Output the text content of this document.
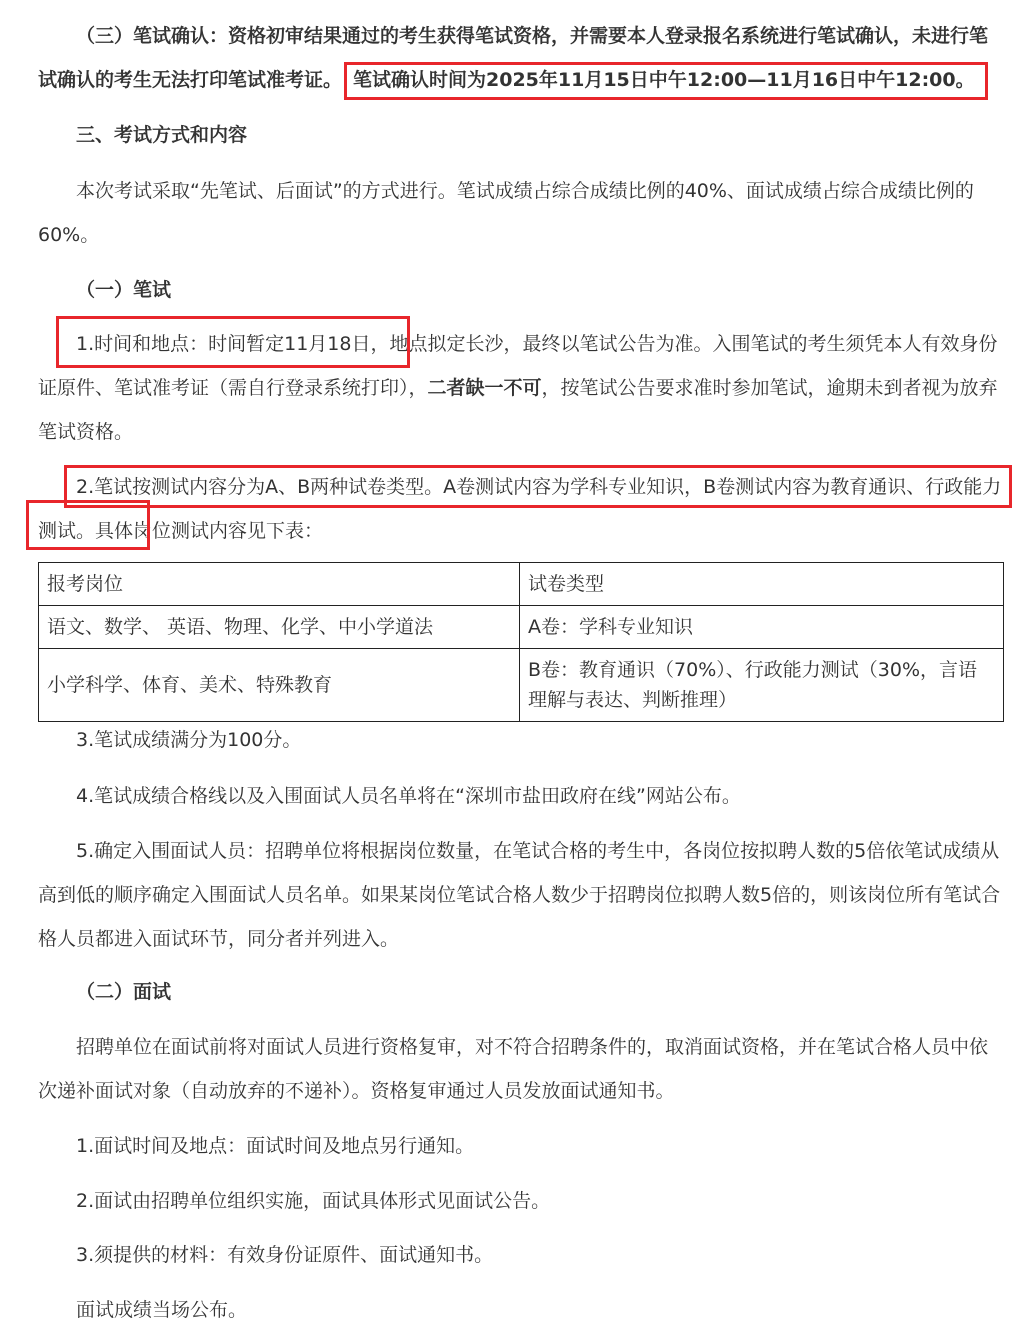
（三）笔试确认：资格初审结果通过的考生获得笔试资格，并需要本人登录报名系统进行笔试确认，未进行笔试确认的考生无法打印笔试准考证。 笔试确认时间为2025年11月15日中午12:00—11月16日中午12:00。

三、考试方式和内容

本次考试采取“先笔试、后面试”的方式进行。笔试成绩占综合成绩比例的40%、面试成绩占综合成绩比例的60%。

（一）笔试

1.时间和地点：时间暂定11月18日，地点拟定长沙，最终以笔试公告为准。入围笔试的考生须凭本人有效身份证原件、笔试准考证（需自行登录系统打印），二者缺一不可，按笔试公告要求准时参加笔试，逾期未到者视为放弃笔试资格。

2.笔试按测试内容分为A、B两种试卷类型。A卷测试内容为学科专业知识，B卷测试内容为教育通识、行政能力测试。具体岗位测试内容见下表：

3.笔试成绩满分为100分。

4.笔试成绩合格线以及入围面试人员名单将在“深圳市盐田政府在线”网站公布。

5.确定入围面试人员：招聘单位将根据岗位数量，在笔试合格的考生中，各岗位按拟聘人数的5倍依笔试成绩从高到低的顺序确定入围面试人员名单。如果某岗位笔试合格人数少于招聘岗位拟聘人数5倍的，则该岗位所有笔试合格人员都进入面试环节，同分者并列进入。

（二）面试

招聘单位在面试前将对面试人员进行资格复审，对不符合招聘条件的，取消面试资格，并在笔试合格人员中依次递补面试对象（自动放弃的不递补）。资格复审通过人员发放面试通知书。

1.面试时间及地点：面试时间及地点另行通知。

2.面试由招聘单位组织实施，面试具体形式见面试公告。

3.须提供的材料：有效身份证原件、面试通知书。

面试成绩当场公布。

报考岗位	试卷类型
语文、数学、 英语、物理、化学、中小学道法	A卷：学科专业知识
小学科学、体育、美术、特殊教育	B卷：教育通识（70%）、行政能力测试（30%，言语理解与表达、判断推理）
